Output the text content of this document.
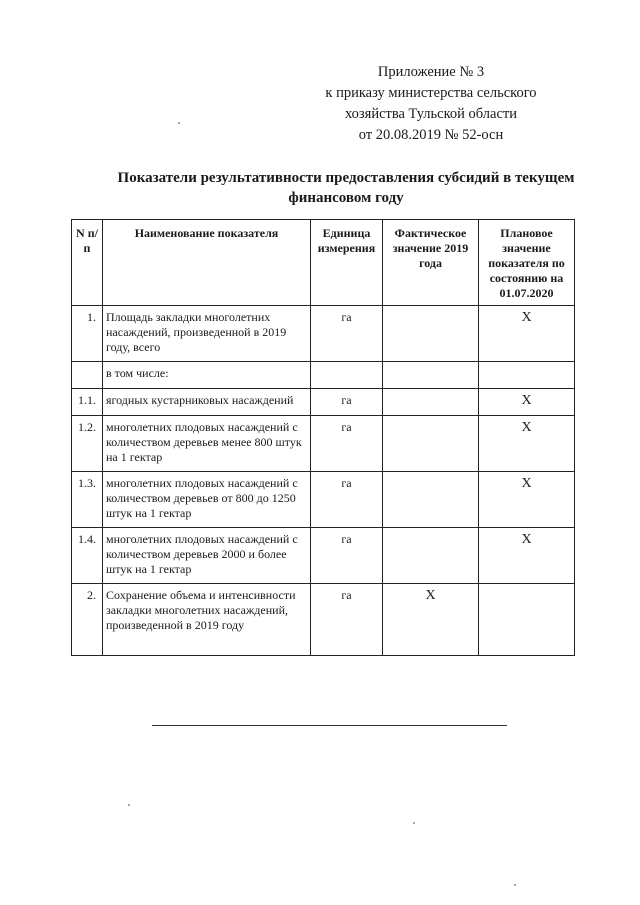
Приложение № 3
к приказу министерства сельского
хозяйства Тульской области
от 20.08.2019 № 52-осн
Показатели результативности предоставления субсидий в текущем финансовом году
N п/п	Наименование показателя	Единица измерения	Фактическое значение 2019 года	Плановое значение показателя по состоянию на 01.07.2020
1.	Площадь закладки многолетних насаждений, произведенной в 2019 году, всего	га		X
	в том числе:			
1.1.	ягодных кустарниковых насаждений	га		X
1.2.	многолетних плодовых насаждений с количеством деревьев менее 800 штук на 1 гектар	га		X
1.3.	многолетних плодовых насаждений с количеством деревьев от 800 до 1250 штук на 1 гектар	га		X
1.4.	многолетних плодовых насаждений с количеством деревьев 2000 и более штук на 1 гектар	га		X
2.	Сохранение объема и интенсивности закладки многолетних насаждений, произведенной в 2019 году	га	X	
